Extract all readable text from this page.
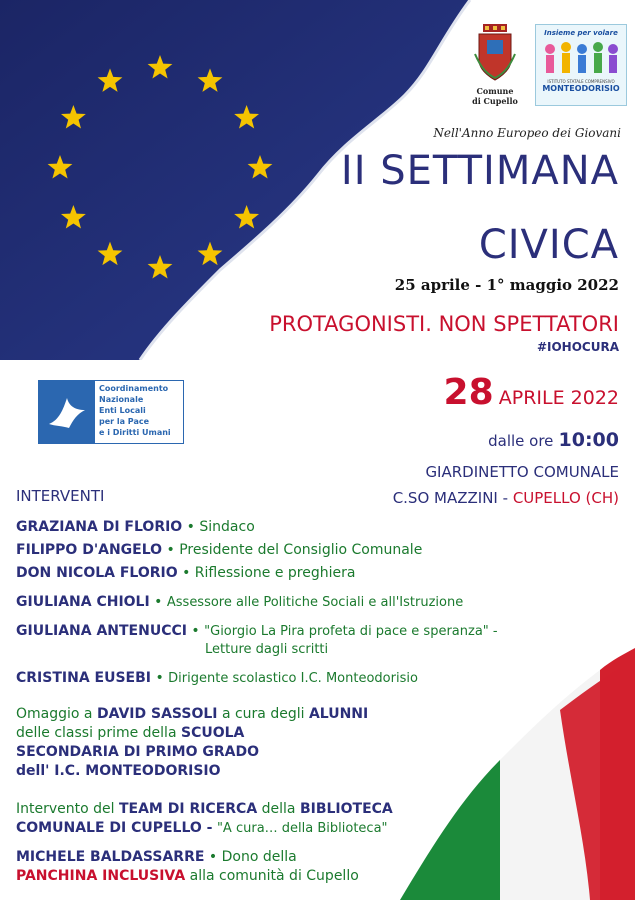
Comune
di Cupello
Insieme per volare
ISTITUTO STATALE COMPRENSIVO
MONTEODORISIO
Nell'Anno Europeo dei Giovani
II SETTIMANA
CIVICA
25 aprile - 1° maggio 2022
PROTAGONISTI. NON SPETTATORI
#IOHOCURA
Coordinamento
Nazionale
Enti Locali
per la Pace
e i Diritti Umani
28 APRILE 2022
dalle ore 10:00
GIARDINETTO COMUNALE
C.SO MAZZINI - CUPELLO (CH)
INTERVENTI
GRAZIANA DI FLORIO • Sindaco
FILIPPO D'ANGELO • Presidente del Consiglio Comunale
DON NICOLA FLORIO • Riflessione e preghiera
GIULIANA CHIOLI • Assessore alle Politiche Sociali e all'Istruzione
GIULIANA ANTENUCCI • "Giorgio La Pira profeta di pace e speranza" -
Letture dagli scritti
CRISTINA EUSEBI • Dirigente scolastico I.C. Monteodorisio
Omaggio a DAVID SASSOLI a cura degli ALUNNI
delle classi prime della SCUOLA
SECONDARIA DI PRIMO GRADO
dell' I.C. MONTEODORISIO
Intervento del TEAM DI RICERCA della BIBLIOTECA
COMUNALE DI CUPELLO - "A cura… della Biblioteca"
MICHELE BALDASSARRE • Dono della
PANCHINA INCLUSIVA alla comunità di Cupello
